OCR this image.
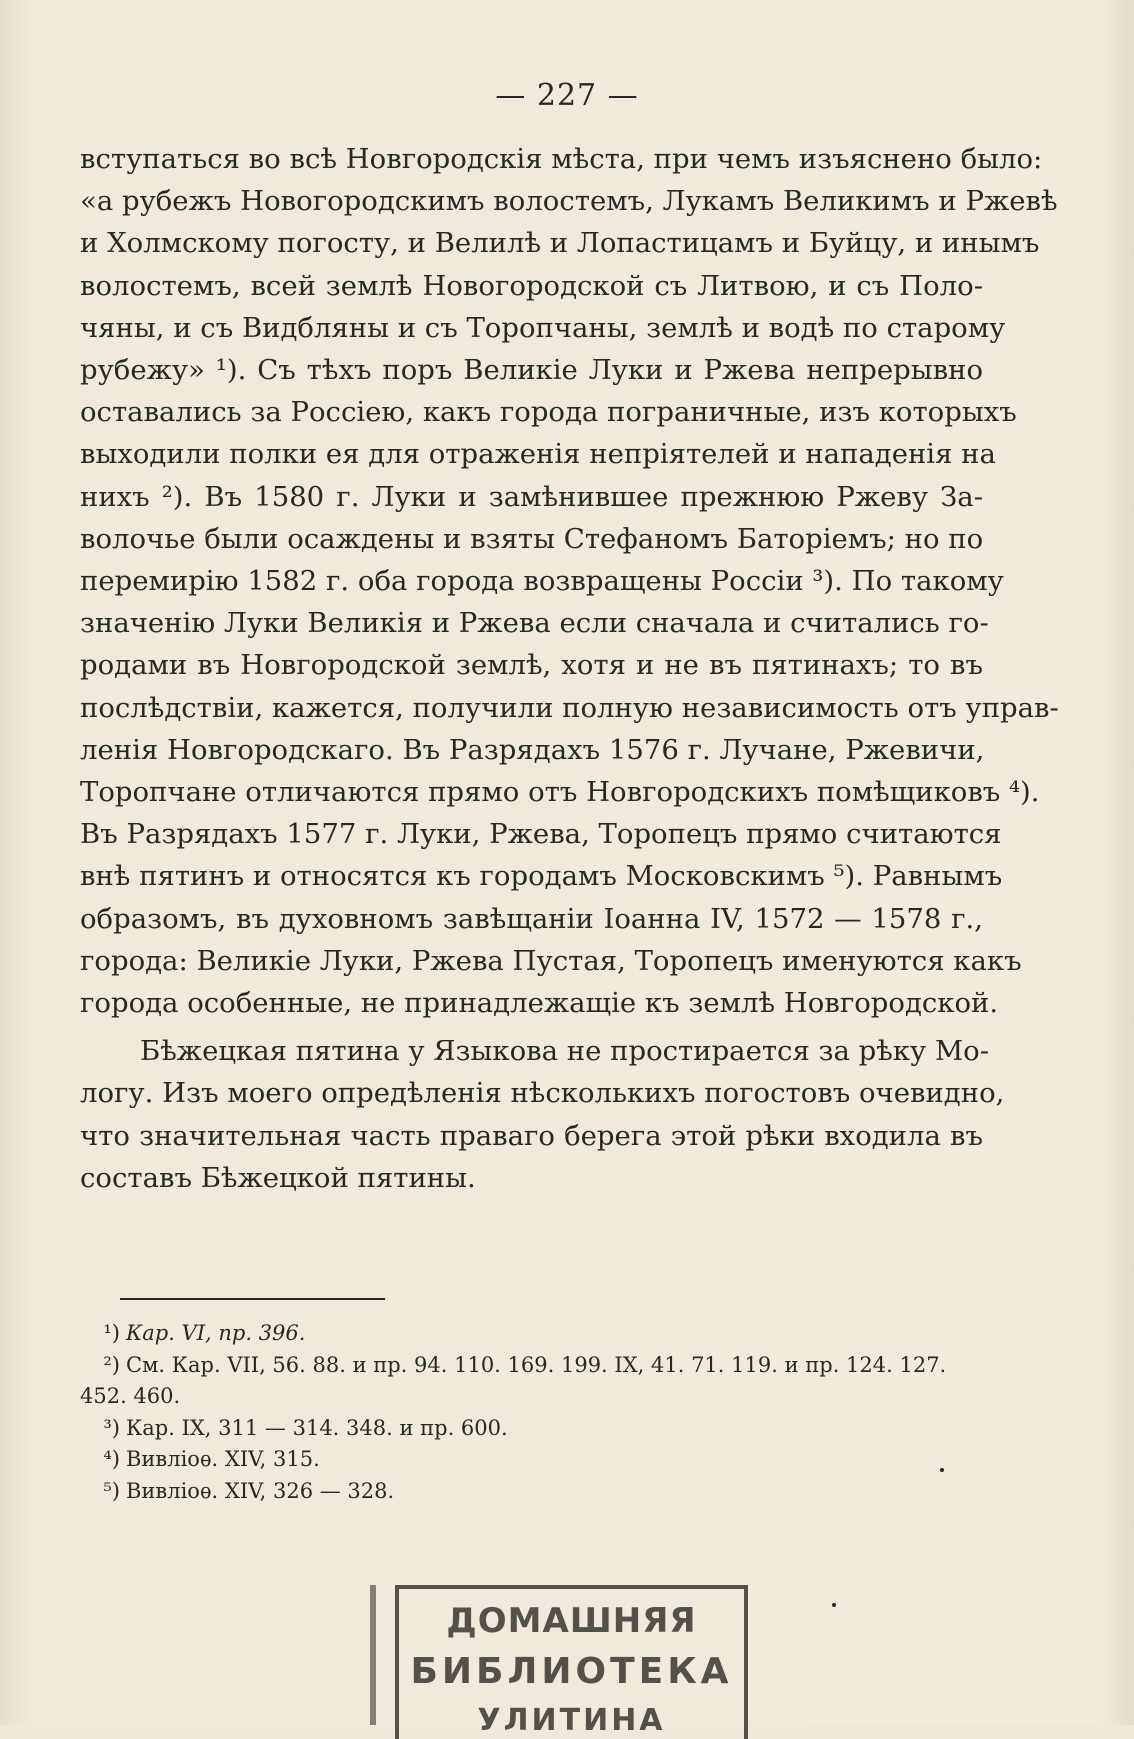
— 227 —
вступаться во всѣ Новгородскія мѣста, при чемъ изъяснено было:
«а рубежъ Новогородскимъ волостемъ, Лукамъ Великимъ и Ржевѣ
и Холмскому погосту, и Велилѣ и Лопастицамъ и Буйцу, и инымъ
волостемъ, всей землѣ Новогородской съ Литвою, и съ Поло-
чяны, и съ Видбляны и съ Торопчаны, землѣ и водѣ по старому
рубежу» ¹). Съ тѣхъ поръ Великіе Луки и Ржева непрерывно
оставались за Россіею, какъ города пограничные, изъ которыхъ
выходили полки ея для отраженія непріятелей и нападенія на
нихъ ²). Въ 1580 г. Луки и замѣнившее прежнюю Ржеву За-
волочье были осаждены и взяты Стефаномъ Баторіемъ; но по
перемирію 1582 г. оба города возвращены Россіи ³). По такому
значенію Луки Великія и Ржева если сначала и считались го-
родами въ Новгородской землѣ, хотя и не въ пятинахъ; то въ
послѣдствіи, кажется, получили полную независимость отъ управ-
ленія Новгородскаго. Въ Разрядахъ 1576 г. Лучане, Ржевичи,
Торопчане отличаются прямо отъ Новгородскихъ помѣщиковъ ⁴).
Въ Разрядахъ 1577 г. Луки, Ржева, Торопецъ прямо считаются
внѣ пятинъ и относятся къ городамъ Московскимъ ⁵). Равнымъ
образомъ, въ духовномъ завѣщаніи Іоанна IV, 1572 — 1578 г.,
города: Великіе Луки, Ржева Пустая, Торопецъ именуются какъ
города особенные, не принадлежащіе къ землѣ Новгородской.
Бѣжецкая пятина у Языкова не простирается за рѣку Мо-
логу. Изъ моего опредѣленія нѣсколькихъ погостовъ очевидно,
что значительная часть праваго берега этой рѣки входила въ
составъ Бѣжецкой пятины.
¹) Кар. VI, пр. 396.
²) См. Кар. VII, 56. 88. и пр. 94. 110. 169. 199. IX, 41. 71. 119. и пр. 124. 127.
452. 460.
³) Кар. IX, 311 — 314. 348. и пр. 600.
⁴) Вивліоѳ. XIV, 315.
⁵) Вивліоѳ. XIV, 326 — 328.
ДОМАШНЯЯ
БИБЛИОТЕКА
УЛИТИНА
